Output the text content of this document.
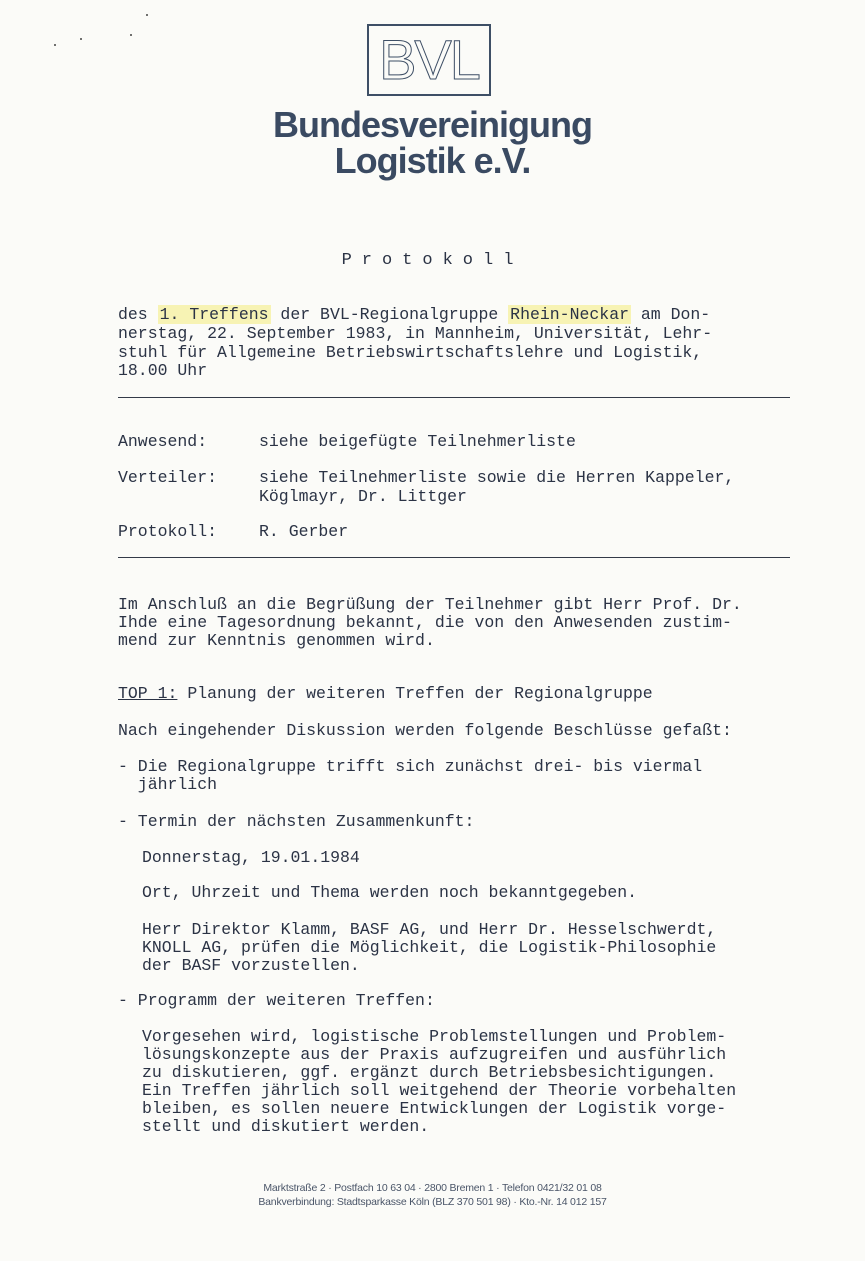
BVL
Bundesvereinigung
Logistik e.V.
Protokoll
des 1. Treffens der BVL-Regionalgruppe Rhein-Neckar am Don-
nerstag, 22. September 1983, in Mannheim, Universität, Lehr-
stuhl für Allgemeine Betriebswirtschaftslehre und Logistik,
18.00 Uhr
Anwesend:	siehe beigefügte Teilnehmerliste
Verteiler:	siehe Teilnehmerliste sowie die Herren Kappeler,
Köglmayr, Dr. Littger
Protokoll:	R. Gerber
Im Anschluß an die Begrüßung der Teilnehmer gibt Herr Prof. Dr.
Ihde eine Tagesordnung bekannt, die von den Anwesenden zustim-
mend zur Kenntnis genommen wird.
TOP 1: Planung der weiteren Treffen der Regionalgruppe
Nach eingehender Diskussion werden folgende Beschlüsse gefaßt:
- Die Regionalgruppe trifft sich zunächst drei- bis viermal
jährlich
- Termin der nächsten Zusammenkunft:
Donnerstag, 19.01.1984
Ort, Uhrzeit und Thema werden noch bekanntgegeben.
Herr Direktor Klamm, BASF AG, und Herr Dr. Hesselschwerdt,
KNOLL AG, prüfen die Möglichkeit, die Logistik-Philosophie
der BASF vorzustellen.
- Programm der weiteren Treffen:
Vorgesehen wird, logistische Problemstellungen und Problem-
lösungskonzepte aus der Praxis aufzugreifen und ausführlich
zu diskutieren, ggf. ergänzt durch Betriebsbesichtigungen.
Ein Treffen jährlich soll weitgehend der Theorie vorbehalten
bleiben, es sollen neuere Entwicklungen der Logistik vorge-
stellt und diskutiert werden.
Marktstraße 2 · Postfach 10 63 04 · 2800 Bremen 1 · Telefon 0421/32 01 08
Bankverbindung: Stadtsparkasse Köln (BLZ 370 501 98) · Kto.-Nr. 14 012 157
